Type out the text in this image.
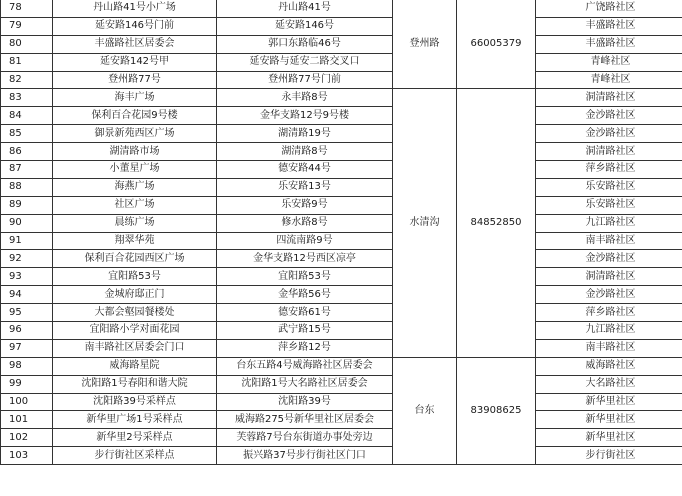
78	丹山路41号小广场	丹山路41号	登州路	66005379	广饶路社区
79	延安路146号门前	延安路146号			丰盛路社区
80	丰盛路社区居委会	郭口东路临46号			丰盛路社区
81	延安路142号甲	延安路与延安二路交叉口			青峰社区
82	登州路77号	登州路77号门前			青峰社区
83	海丰广场	永丰路8号	水清沟	84852850	洞清路社区
84	保利百合花园9号楼	金华支路12号9号楼			金沙路社区
85	御景新苑西区广场	湖清路19号			金沙路社区
86	湖清路市场	湖清路8号			洞清路社区
87	小董星广场	德安路44号			萍乡路社区
88	海燕广场	乐安路13号			乐安路社区
89	社区广场	乐安路9号			乐安路社区
90	晨练广场	修水路8号			九江路社区
91	翔翠华苑	四流南路9号			南丰路社区
92	保利百合花园西区广场	金华支路12号西区凉亭			金沙路社区
93	宜阳路53号	宜阳路53号			洞清路社区
94	金城府邸正门	金华路56号			金沙路社区
95	大都会壑园餐楼处	德安路61号			萍乡路社区
96	宜阳路小学对面花园	武宁路15号			九江路社区
97	南丰路社区居委会门口	萍乡路12号			南丰路社区
98	威海路星院	台东五路4号威海路社区居委会	台东	83908625	威海路社区
99	沈阳路1号春阳和谐大院	沈阳路1号大名路社区居委会			大名路社区
100	沈阳路39号采样点	沈阳路39号			新华里社区
101	新华里广场1号采样点	威海路275号新华里社区居委会			新华里社区
102	新华里2号采样点	芙蓉路7号台东街道办事处旁边			新华里社区
103	步行街社区采样点	振兴路37号步行街社区门口			步行街社区
